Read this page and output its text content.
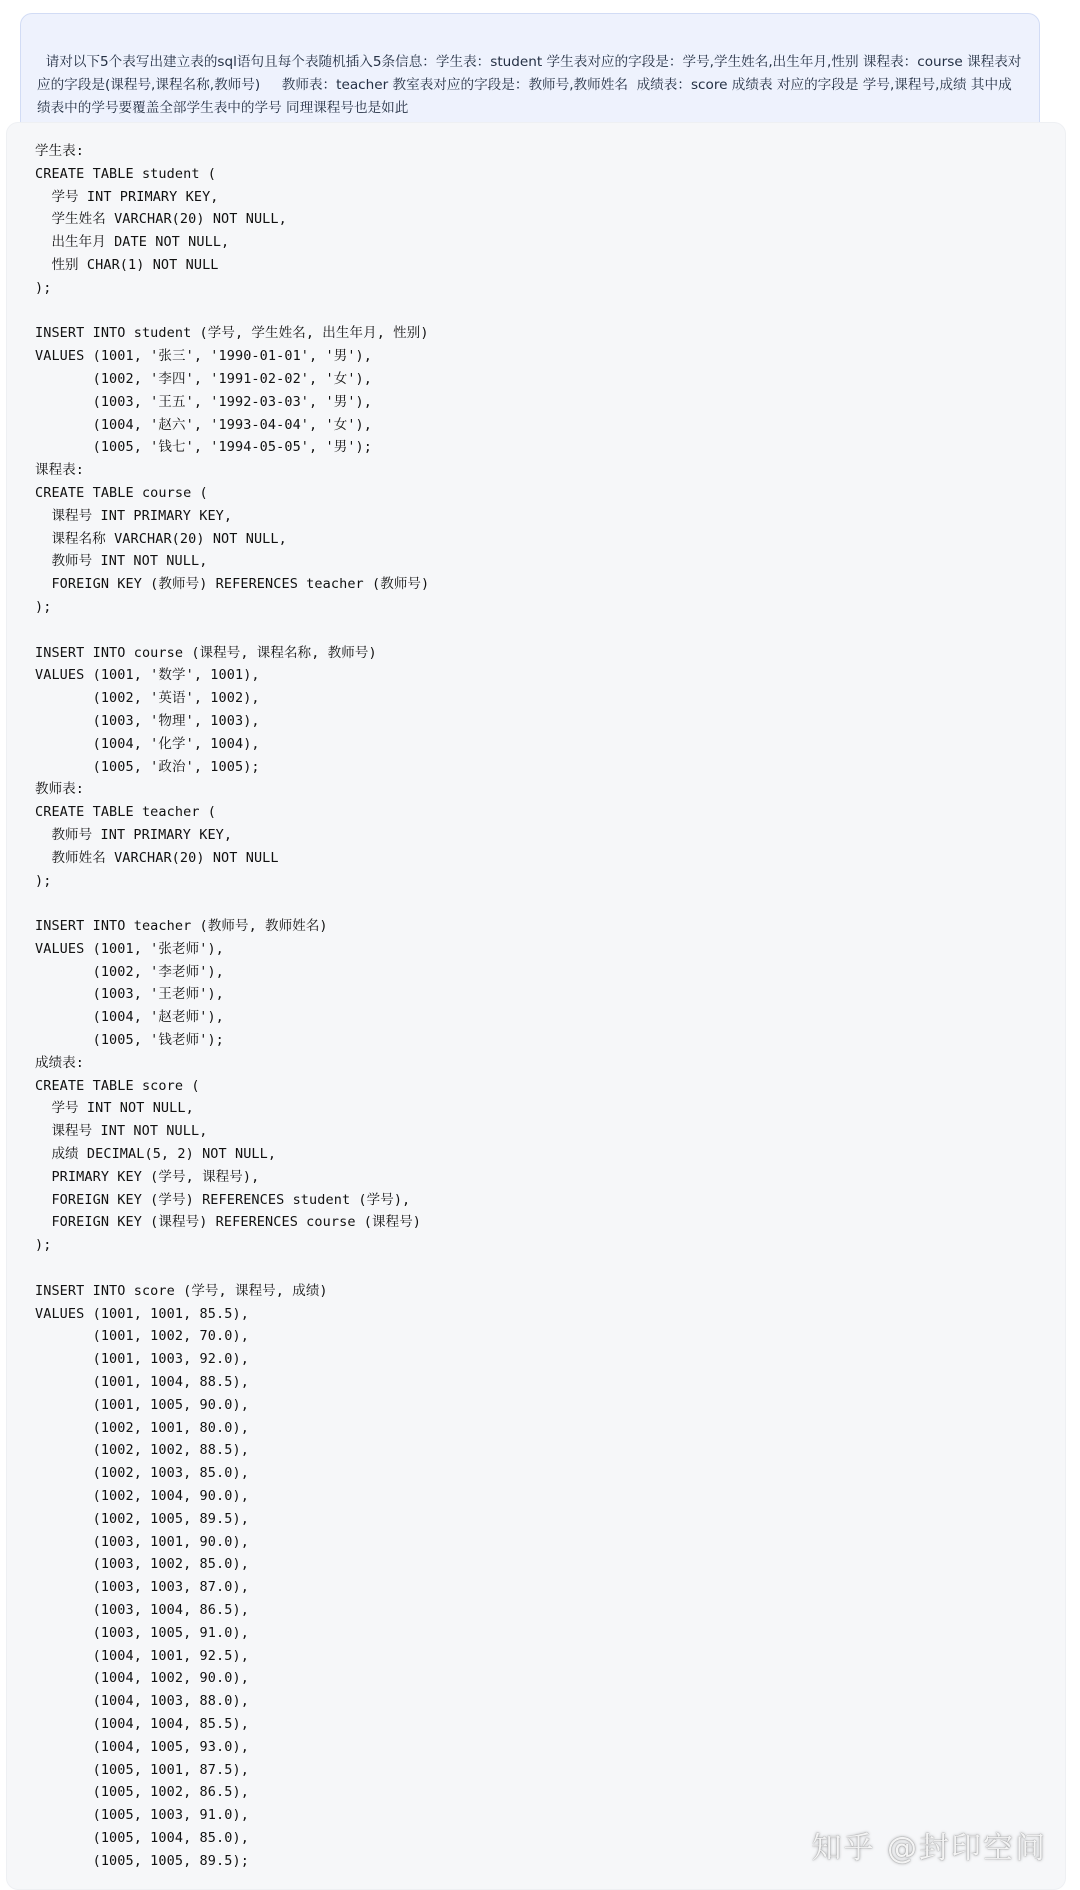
请对以下5个表写出建立表的sql语句且每个表随机插入5条信息：学生表：student 学生表对应的字段是：学号,学生姓名,出生年月,性别 课程表：course 课程表对应的字段是(课程号,课程名称,教师号)     教师表：teacher 教室表对应的字段是：教师号,教师姓名  成绩表：score 成绩表 对应的字段是 学号,课程号,成绩 其中成绩表中的学号要覆盖全部学生表中的学号 同理课程号也是如此

学生表:
CREATE TABLE student (
学号 INT PRIMARY KEY,
学生姓名 VARCHAR(20) NOT NULL,
出生年月 DATE NOT NULL,
性别 CHAR(1) NOT NULL
);

INSERT INTO student (学号, 学生姓名, 出生年月, 性别)
VALUES (1001, '张三', '1990-01-01', '男'),
(1002, '李四', '1991-02-02', '女'),
(1003, '王五', '1992-03-03', '男'),
(1004, '赵六', '1993-04-04', '女'),
(1005, '钱七', '1994-05-05', '男');
课程表:
CREATE TABLE course (
课程号 INT PRIMARY KEY,
课程名称 VARCHAR(20) NOT NULL,
教师号 INT NOT NULL,
FOREIGN KEY (教师号) REFERENCES teacher (教师号)
);

INSERT INTO course (课程号, 课程名称, 教师号)
VALUES (1001, '数学', 1001),
(1002, '英语', 1002),
(1003, '物理', 1003),
(1004, '化学', 1004),
(1005, '政治', 1005);
教师表:
CREATE TABLE teacher (
教师号 INT PRIMARY KEY,
教师姓名 VARCHAR(20) NOT NULL
);

INSERT INTO teacher (教师号, 教师姓名)
VALUES (1001, '张老师'),
(1002, '李老师'),
(1003, '王老师'),
(1004, '赵老师'),
(1005, '钱老师');
成绩表:
CREATE TABLE score (
学号 INT NOT NULL,
课程号 INT NOT NULL,
成绩 DECIMAL(5, 2) NOT NULL,
PRIMARY KEY (学号, 课程号),
FOREIGN KEY (学号) REFERENCES student (学号),
FOREIGN KEY (课程号) REFERENCES course (课程号)
);

INSERT INTO score (学号, 课程号, 成绩)
VALUES (1001, 1001, 85.5),
(1001, 1002, 70.0),
(1001, 1003, 92.0),
(1001, 1004, 88.5),
(1001, 1005, 90.0),
(1002, 1001, 80.0),
(1002, 1002, 88.5),
(1002, 1003, 85.0),
(1002, 1004, 90.0),
(1002, 1005, 89.5),
(1003, 1001, 90.0),
(1003, 1002, 85.0),
(1003, 1003, 87.0),
(1003, 1004, 86.5),
(1003, 1005, 91.0),
(1004, 1001, 92.5),
(1004, 1002, 90.0),
(1004, 1003, 88.0),
(1004, 1004, 85.5),
(1004, 1005, 93.0),
(1005, 1001, 87.5),
(1005, 1002, 86.5),
(1005, 1003, 91.0),
(1005, 1004, 85.0),
(1005, 1005, 89.5);	知乎 @封印空间
